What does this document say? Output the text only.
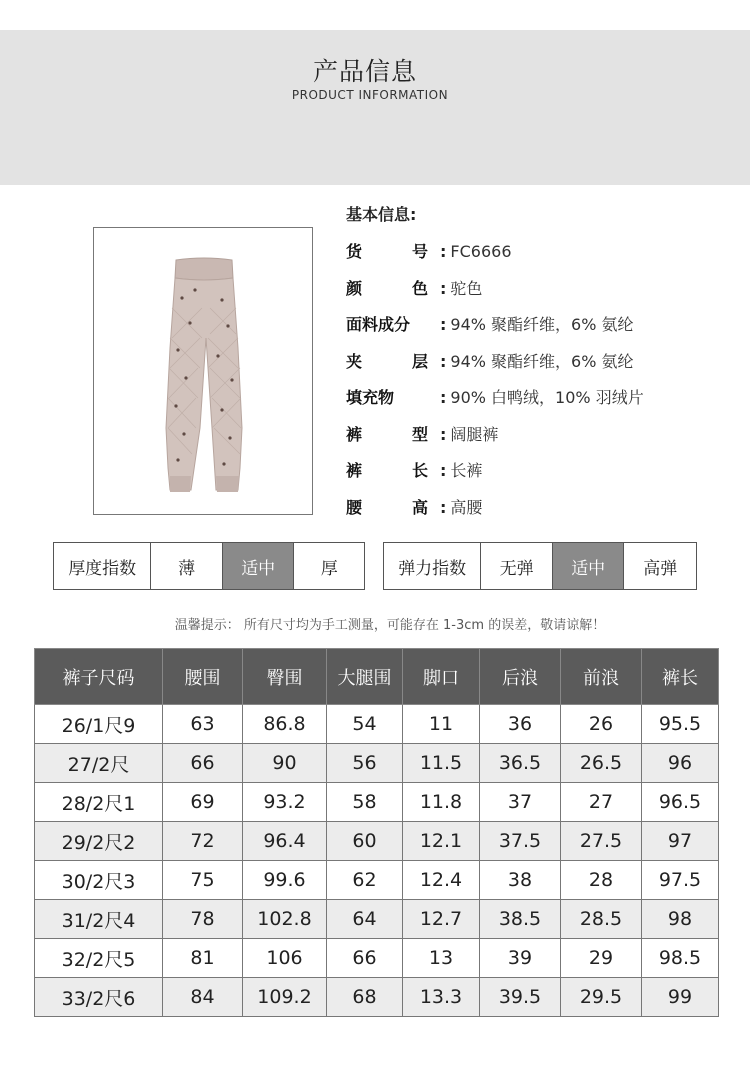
产品信息
PRODUCT INFORMATION
基本信息:
货号 : FC6666
颜色 : 驼色
面料成分 : 94% 聚酯纤维，6% 氨纶
夹层 : 94% 聚酯纤维，6% 氨纶
填充物	: 90% 白鸭绒，10% 羽绒片
裤型 : 阔腿裤
裤长 : 长裤
腰高 : 高腰
厚度指数	薄	适中	厚	弹力指数	无弹	适中	高弹
温馨提示： 所有尺寸均为手工测量，可能存在 1-3cm 的误差，敬请谅解！
裤子尺码	腰围	臀围	大腿围	脚口	后浪	前浪	裤长
26/1尺9	63	86.8	54	11	36	26	95.5
27/2尺	66	90	56	11.5	36.5	26.5	96
28/2尺1	69	93.2	58	11.8	37	27	96.5
29/2尺2	72	96.4	60	12.1	37.5	27.5	97
30/2尺3	75	99.6	62	12.4	38	28	97.5
31/2尺4	78	102.8	64	12.7	38.5	28.5	98
32/2尺5	81	106	66	13	39	29	98.5
33/2尺6	84	109.2	68	13.3	39.5	29.5	99
